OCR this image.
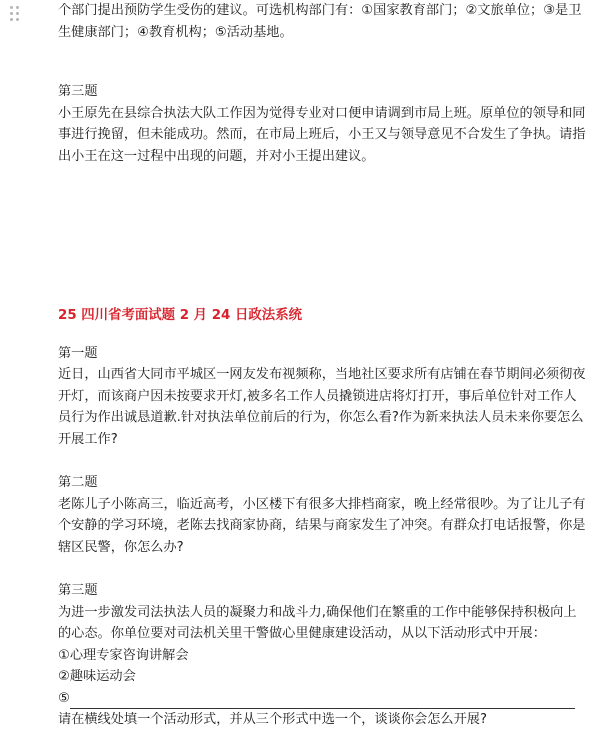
个部门提出预防学生受伤的建议。可选机构部门有：①国家教育部门；②文旅单位；③是卫生健康部门；④教育机构；⑤活动基地。

第三题

小王原先在县综合执法大队工作因为觉得专业对口便申请调到市局上班。原单位的领导和同事进行挽留，但未能成功。然而，在市局上班后，小王又与领导意见不合发生了争执。请指出小王在这一过程中出现的问题，并对小王提出建议。

25 四川省考面试题 2 月 24 日政法系统

第一题

近日，山西省大同市平城区一网友发布视频称，当地社区要求所有店铺在春节期间必须彻夜开灯，而该商户因未按要求开灯,被多名工作人员撬锁进店将灯打开，事后单位针对工作人员行为作出诚恳道歉.针对执法单位前后的行为，你怎么看?作为新来执法人员未来你要怎么开展工作?

第二题

老陈儿子小陈高三，临近高考，小区楼下有很多大排档商家，晚上经常很吵。为了让儿子有个安静的学习环境，老陈去找商家协商，结果与商家发生了冲突。有群众打电话报警，你是辖区民警，你怎么办?

第三题

为进一步激发司法执法人员的凝聚力和战斗力,确保他们在繁重的工作中能够保持积极向上的心态。你单位要对司法机关里干警做心里健康建设活动，从以下活动形式中开展：

①心理专家咨询讲解会

②趣味运动会

⑤

请在横线处填一个活动形式，并从三个形式中选一个，谈谈你会怎么开展?
